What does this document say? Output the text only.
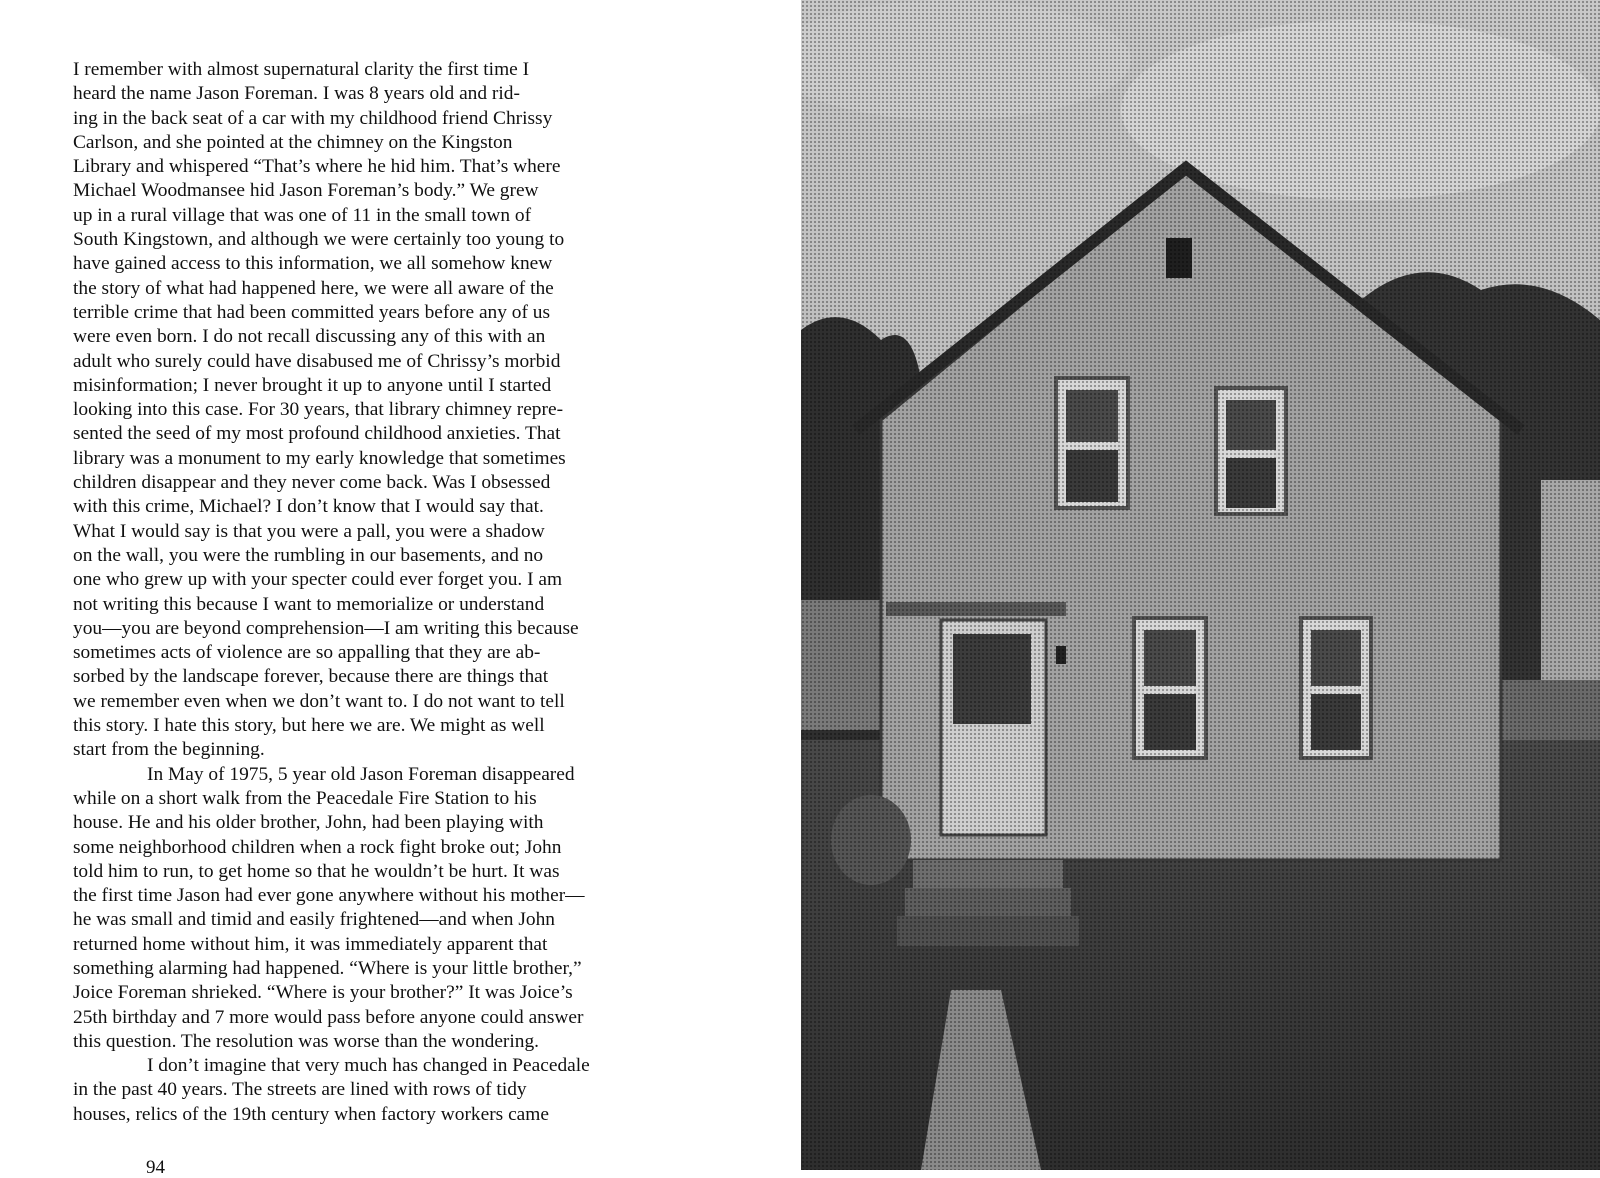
I remember with almost supernatural clarity the first time I
heard the name Jason Foreman. I was 8 years old and rid-
ing in the back seat of a car with my childhood friend Chrissy
Carlson, and she pointed at the chimney on the Kingston
Library and whispered “That’s where he hid him. That’s where
Michael Woodmansee hid Jason Foreman’s body.” We grew
up in a rural village that was one of 11 in the small town of
South Kingstown, and although we were certainly too young to
have gained access to this information, we all somehow knew
the story of what had happened here, we were all aware of the
terrible crime that had been committed years before any of us
were even born. I do not recall discussing any of this with an
adult who surely could have disabused me of Chrissy’s morbid
misinformation; I never brought it up to anyone until I started
looking into this case. For 30 years, that library chimney repre-
sented the seed of my most profound childhood anxieties. That
library was a monument to my early knowledge that sometimes
children disappear and they never come back. Was I obsessed
with this crime, Michael? I don’t know that I would say that.
What I would say is that you were a pall, you were a shadow
on the wall, you were the rumbling in our basements, and no
one who grew up with your specter could ever forget you. I am
not writing this because I want to memorialize or understand
you—you are beyond comprehension—I am writing this because
sometimes acts of violence are so appalling that they are ab-
sorbed by the landscape forever, because there are things that
we remember even when we don’t want to. I do not want to tell
this story. I hate this story, but here we are. We might as well
start from the beginning.
In May of 1975, 5 year old Jason Foreman disappeared
while on a short walk from the Peacedale Fire Station to his
house. He and his older brother, John, had been playing with
some neighborhood children when a rock fight broke out; John
told him to run, to get home so that he wouldn’t be hurt. It was
the first time Jason had ever gone anywhere without his mother—
he was small and timid and easily frightened—and when John
returned home without him, it was immediately apparent that
something alarming had happened. “Where is your little brother,”
Joice Foreman shrieked. “Where is your brother?” It was Joice’s
25th birthday and 7 more would pass before anyone could answer
this question. The resolution was worse than the wondering.
I don’t imagine that very much has changed in Peacedale
in the past 40 years. The streets are lined with rows of tidy
houses, relics of the 19th century when factory workers came
94
